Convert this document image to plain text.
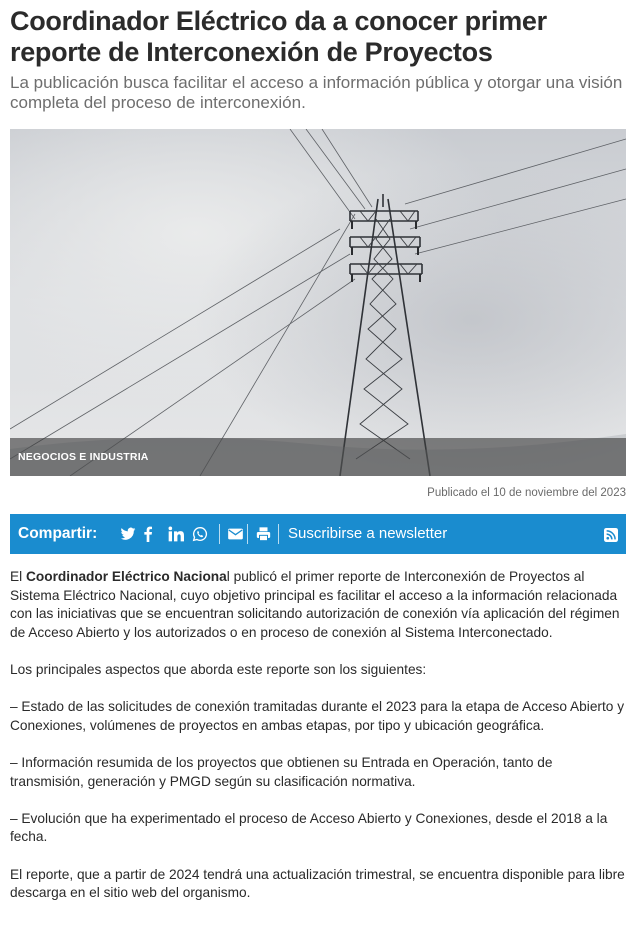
Coordinador Eléctrico da a conocer primer reporte de Interconexión de Proyectos

La publicación busca facilitar el acceso a información pública y otorgar una visión completa del proceso de interconexión.

NEGOCIOS E INDUSTRIA
Publicado el 10 de noviembre del 2023
Compartir:	Suscribirse a newsletter

El Coordinador Eléctrico Nacional publicó el primer reporte de Interconexión de Proyectos al Sistema Eléctrico Nacional, cuyo objetivo principal es facilitar el acceso a la información relacionada con las iniciativas que se encuentran solicitando autorización de conexión vía aplicación del régimen de Acceso Abierto y los autorizados o en proceso de conexión al Sistema Interconectado.

Los principales aspectos que aborda este reporte son los siguientes:

– Estado de las solicitudes de conexión tramitadas durante el 2023 para la etapa de Acceso Abierto y Conexiones, volúmenes de proyectos en ambas etapas, por tipo y ubicación geográfica.

– Información resumida de los proyectos que obtienen su Entrada en Operación, tanto de transmisión, generación y PMGD según su clasificación normativa.

– Evolución que ha experimentado el proceso de Acceso Abierto y Conexiones, desde el 2018 a la fecha.

El reporte, que a partir de 2024 tendrá una actualización trimestral, se encuentra disponible para libre descarga en el sitio web del organismo.
